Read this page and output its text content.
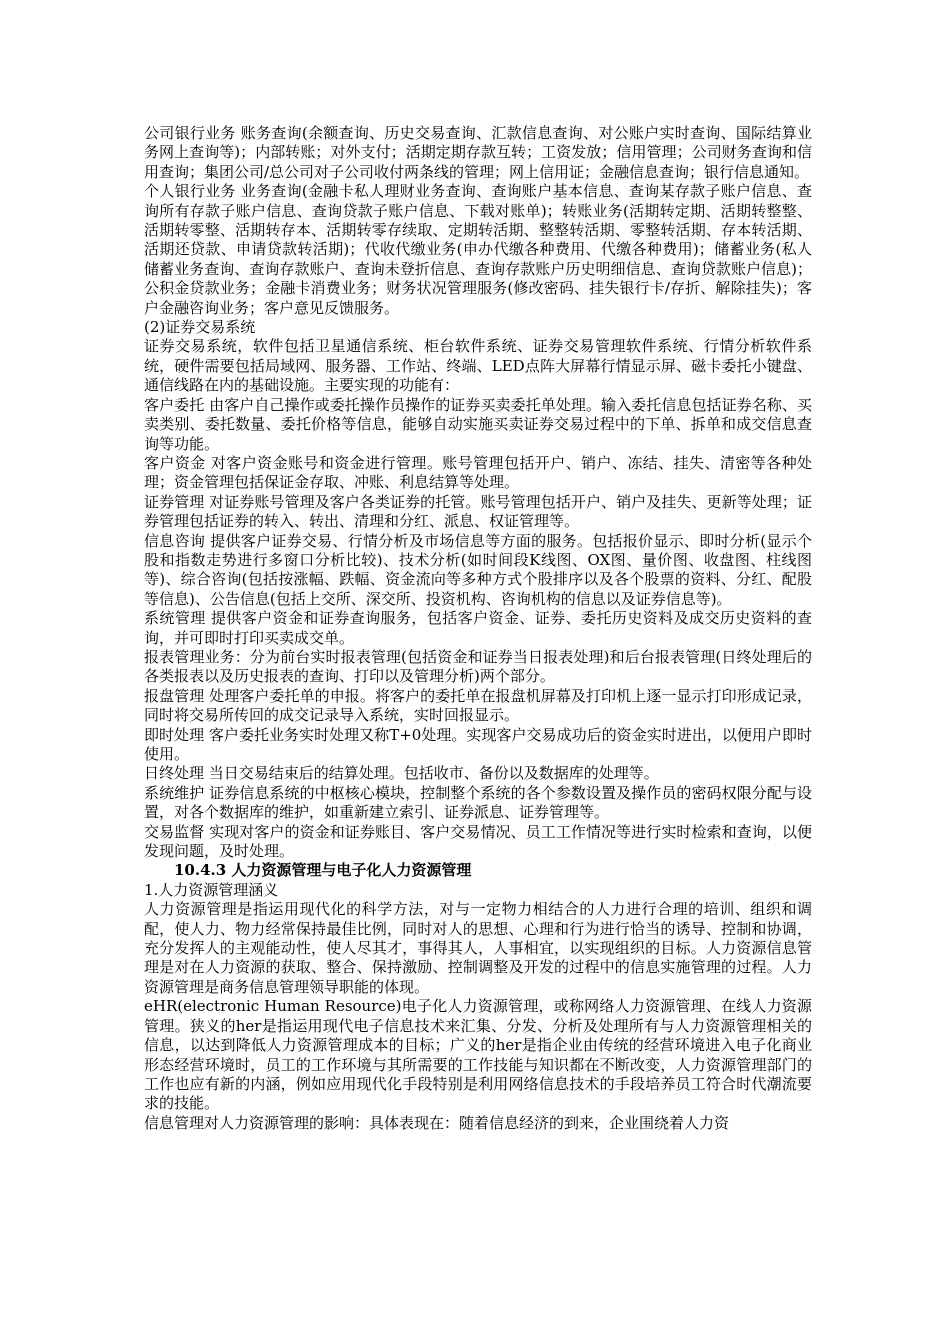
公司银行业务 账务查询(余额查询、历史交易查询、汇款信息查询、对公账户实时查询、国际结算业务网上查询等)；内部转账；对外支付；活期定期存款互转；工资发放；信用管理；公司财务查询和信用查询；集团公司/总公司对子公司收付两条线的管理；网上信用证；金融信息查询；银行信息通知。

个人银行业务 业务查询(金融卡私人理财业务查询、查询账户基本信息、查询某存款子账户信息、查询所有存款子账户信息、查询贷款子账户信息、下载对账单)；转账业务(活期转定期、活期转整整、活期转零整、活期转存本、活期转零存续取、定期转活期、整整转活期、零整转活期、存本转活期、活期还贷款、申请贷款转活期)；代收代缴业务(申办代缴各种费用、代缴各种费用)；储蓄业务(私人储蓄业务查询、查询存款账户、查询未登折信息、查询存款账户历史明细信息、查询贷款账户信息)；公积金贷款业务；金融卡消费业务；财务状况管理服务(修改密码、挂失银行卡/存折、解除挂失)；客户金融咨询业务；客户意见反馈服务。

(2)证券交易系统

证券交易系统，软件包括卫星通信系统、柜台软件系统、证券交易管理软件系统、行情分析软件系统，硬件需要包括局域网、服务器、工作站、终端、LED点阵大屏幕行情显示屏、磁卡委托小键盘、通信线路在内的基础设施。主要实现的功能有：

客户委托 由客户自己操作或委托操作员操作的证券买卖委托单处理。输入委托信息包括证券名称、买卖类别、委托数量、委托价格等信息，能够自动实施买卖证券交易过程中的下单、拆单和成交信息查询等功能。

客户资金 对客户资金账号和资金进行管理。账号管理包括开户、销户、冻结、挂失、清密等各种处理；资金管理包括保证金存取、冲账、利息结算等处理。

证券管理 对证券账号管理及客户各类证券的托管。账号管理包括开户、销户及挂失、更新等处理；证券管理包括证券的转入、转出、清理和分红、派息、权证管理等。

信息咨询 提供客户证券交易、行情分析及市场信息等方面的服务。包括报价显示、即时分析(显示个股和指数走势进行多窗口分析比较)、技术分析(如时间段K线图、OX图、量价图、收盘图、柱线图等)、综合咨询(包括按涨幅、跌幅、资金流向等多种方式个股排序以及各个股票的资料、分红、配股等信息)、公告信息(包括上交所、深交所、投资机构、咨询机构的信息以及证券信息等)。

系统管理 提供客户资金和证券查询服务，包括客户资金、证券、委托历史资料及成交历史资料的查询，并可即时打印买卖成交单。

报表管理业务：分为前台实时报表管理(包括资金和证券当日报表处理)和后台报表管理(日终处理后的各类报表以及历史报表的查询、打印以及管理分析)两个部分。

报盘管理 处理客户委托单的申报。将客户的委托单在报盘机屏幕及打印机上逐一显示打印形成记录，同时将交易所传回的成交记录导入系统，实时回报显示。

即时处理 客户委托业务实时处理又称T+0处理。实现客户交易成功后的资金实时进出，以便用户即时使用。

日终处理 当日交易结束后的结算处理。包括收市、备份以及数据库的处理等。

系统维护 证券信息系统的中枢核心模块，控制整个系统的各个参数设置及操作员的密码权限分配与设置，对各个数据库的维护，如重新建立索引、证券派息、证券管理等。

交易监督 实现对客户的资金和证券账目、客户交易情况、员工工作情况等进行实时检索和查询，以便发现问题，及时处理。

10.4.3 人力资源管理与电子化人力资源管理

1.人力资源管理涵义

人力资源管理是指运用现代化的科学方法，对与一定物力相结合的人力进行合理的培训、组织和调配，使人力、物力经常保持最佳比例，同时对人的思想、心理和行为进行恰当的诱导、控制和协调，充分发挥人的主观能动性，使人尽其才，事得其人，人事相宜，以实现组织的目标。人力资源信息管理是对在人力资源的获取、整合、保持激励、控制调整及开发的过程中的信息实施管理的过程。人力资源管理是商务信息管理领导职能的体现。

eHR(electronic Human Resource)电子化人力资源管理，或称网络人力资源管理、在线人力资源管理。狭义的her是指运用现代电子信息技术来汇集、分发、分析及处理所有与人力资源管理相关的信息，以达到降低人力资源管理成本的目标；广义的her是指企业由传统的经营环境进入电子化商业形态经营环境时，员工的工作环境与其所需要的工作技能与知识都在不断改变，人力资源管理部门的工作也应有新的内涵，例如应用现代化手段特别是利用网络信息技术的手段培养员工符合时代潮流要求的技能。

信息管理对人力资源管理的影响：具体表现在：随着信息经济的到来，企业围绕着人力资
